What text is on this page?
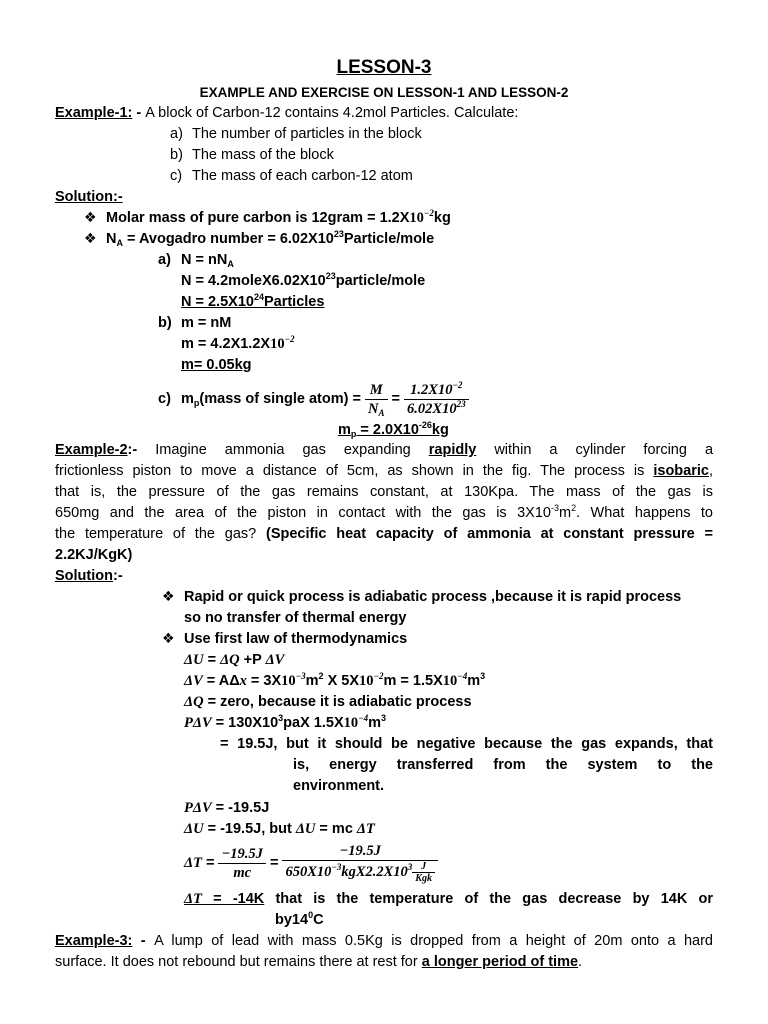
LESSON-3
EXAMPLE AND EXERCISE ON LESSON-1 AND LESSON-2
Example-1: - A block of Carbon-12 contains 4.2mol Particles. Calculate:
a) The number of particles in the block
b) The mass of the block
c) The mass of each carbon-12 atom
Solution:-
❖ Molar mass of pure carbon is 12gram = $1.2X10^{-2}kg$
❖ $N_A$ = Avogadro number = $6.02X10^{23}Particle$/mole
a) $N = nN_A$
$N = 4.2moleX6.02X10^{23}particle$/mole
$N = 2.5X10^{24}Particles$
b) m = nM
$m = 4.2X1.2X10^{-2}$
m= 0.05kg
c) $m_p(mass$ of single atom) = $\frac{M}{N_A} = \frac{1.2X10^{-2}}{6.02X10^{23}}$
$m_p = 2.0X10^{-26}kg$
Example-2:- Imagine ammonia gas expanding rapidly within a cylinder forcing a
frictionless piston to move a distance of 5cm, as shown in the fig. The process is isobaric,
that is, the pressure of the gas remains constant, at 130Kpa. The mass of the gas is
650mg and the area of the piston in contact with the gas is $3X10^{-3}m^2$. What happens to
the temperature of the gas? (Specific heat capacity of ammonia at constant pressure =
2.2KJ/KgK)
Solution:-
❖ Rapid or quick process is adiabatic process ,because it is rapid process
so no transfer of thermal energy
❖ Use first law of thermodynamics
ΔU = ΔQ +P ΔV
$\Delta V = A\Delta x = 3X10^{-3}m^2$ X $5X10^{-2}m = 1.5X10^{-4}m^3$
ΔQ = zero, because it is adiabatic process
$P\Delta V = 130X10^3paX$ $1.5X10^{-4}m^3$
= 19.5J, but it should be negative because the gas expands, that
is,   energy   transferred   from   the   system   to   the
environment.
PΔV = -19.5J
ΔU = -19.5J, but ΔU = mc ΔT
$\Delta T = \frac{-19.5J}{mc} = \frac{-19.5J}{650X10^{-3}kgX2.2X10^3 \frac{J}{\text{Kgk}}}$
ΔT = -14K that is the temperature of the gas decrease by 14K or
$by14^0C$
Example-3: - A lump of lead with mass 0.5Kg is dropped from a height of 20m onto a hard
surface. It does not rebound but remains there at rest for a longer period of time.
